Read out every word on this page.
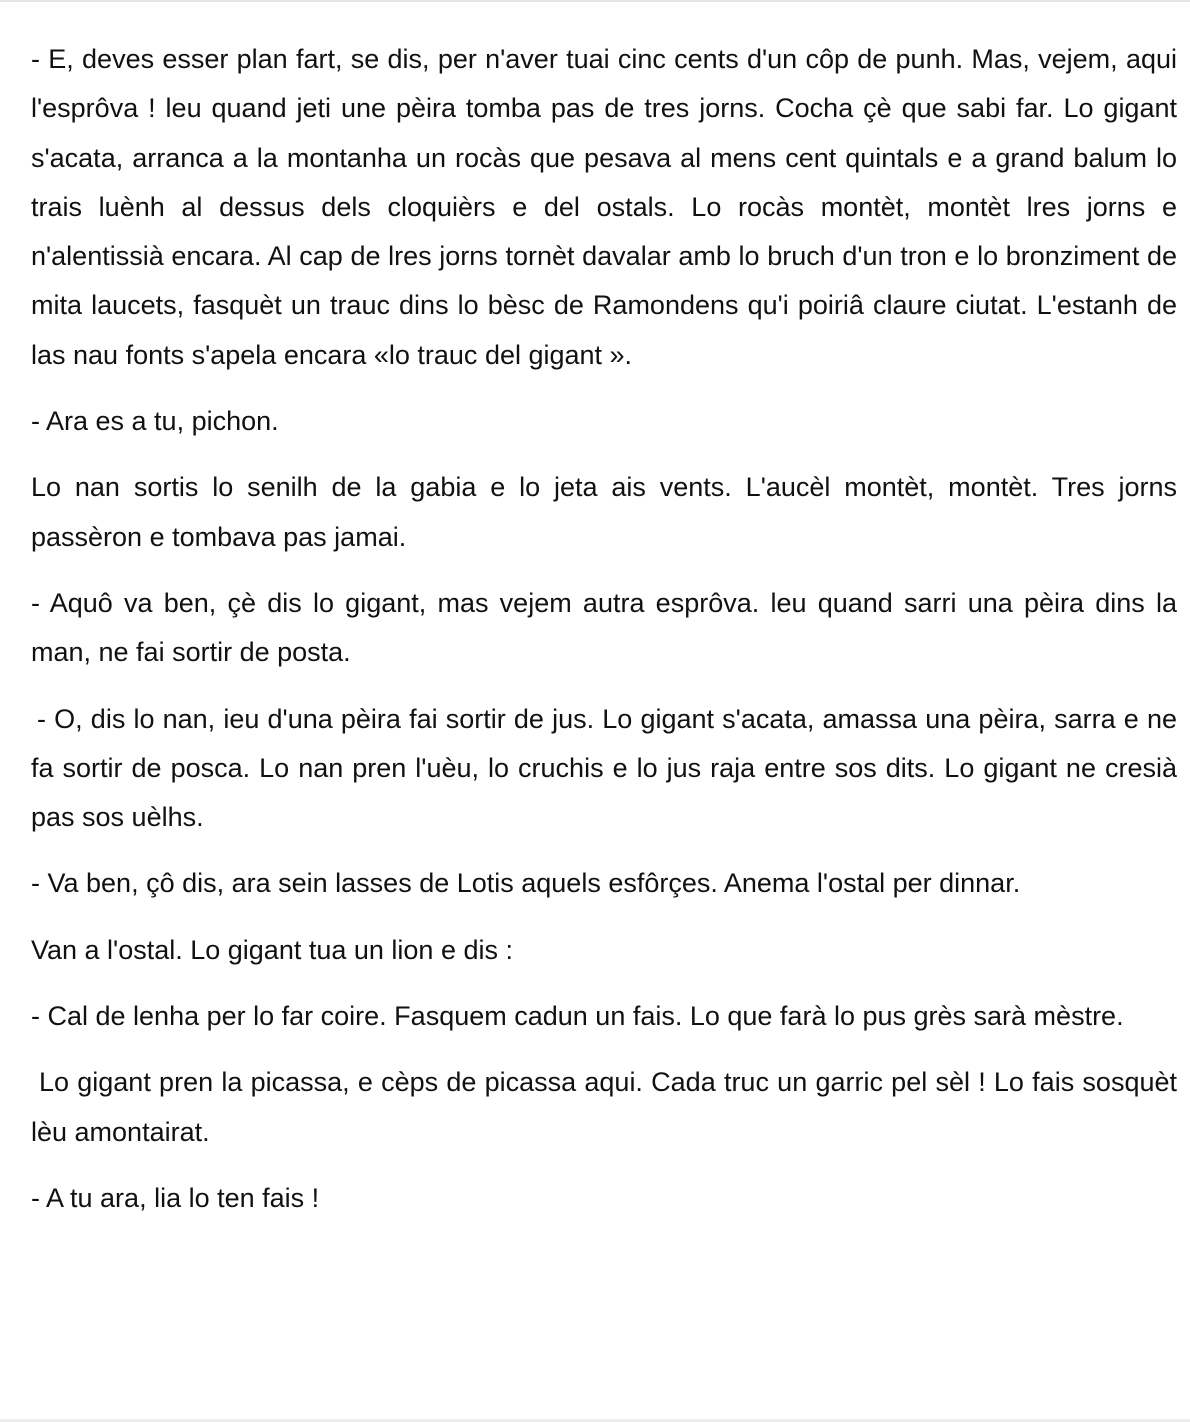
- E, deves esser plan fart, se dis, per n'aver tuai cinc cents d'un côp de punh. Mas, vejem, aqui l'esprôva ! leu quand jeti une pèira tomba pas de tres jorns. Cocha çè que sabi far. Lo gigant s'acata, arranca a la montanha un rocàs que pesava al mens cent quintals e a grand balum lo trais luènh al dessus dels cloquièrs e del ostals. Lo rocàs montèt, montèt lres jorns e n'alentissià encara. Al cap de lres jorns tornèt davalar amb lo bruch d'un tron e lo bronziment de mita laucets, fasquèt un trauc dins lo bèsc de Ramondens qu'i poiriâ claure ciutat. L'estanh de las nau fonts s'apela encara «lo trauc del gigant ».

- Ara es a tu, pichon.

Lo nan sortis lo senilh de la gabia e lo jeta ais vents. L'aucèl montèt, montèt. Tres jorns passèron e tombava pas jamai.

- Aquô va ben, çè dis lo gigant, mas vejem autra esprôva. leu quand sarri una pèira dins la man, ne fai sortir de posta.

- O, dis lo nan, ieu d'una pèira fai sortir de jus. Lo gigant s'acata, amassa una pèira, sarra e ne fa sortir de posca. Lo nan pren l'uèu, lo cruchis e lo jus raja entre sos dits. Lo gigant ne cresià pas sos uèlhs.

- Va ben, çô dis, ara sein lasses de Lotis aquels esfôrçes. Anema l'ostal per dinnar.

Van a l'ostal. Lo gigant tua un lion e dis :

- Cal de lenha per lo far coire. Fasquem cadun un fais. Lo que farà lo pus grès sarà mèstre.

Lo gigant pren la picassa, e cèps de picassa aqui. Cada truc un garric pel sèl ! Lo fais sosquèt lèu amontairat.

- A tu ara, lia lo ten fais !
